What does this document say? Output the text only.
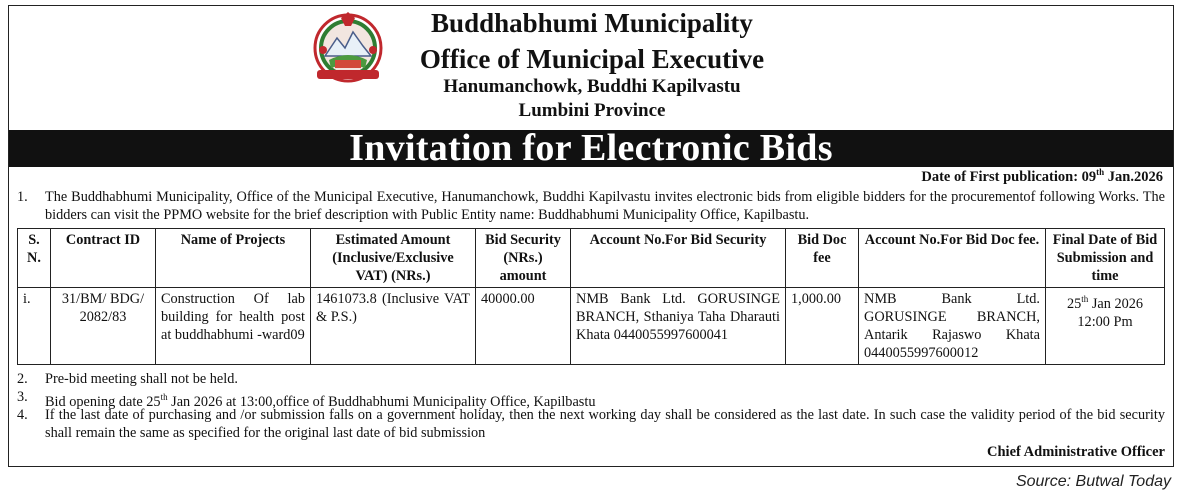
Buddhabhumi Municipality
Office of Municipal Executive
Hanumanchowk, Buddhi Kapilvastu
Lumbini Province
Invitation for Electronic Bids
Date of First publication: 09th Jan.2026
1. The Buddhabhumi Municipality, Office of the Municipal Executive, Hanumanchowk, Buddhi Kapilvastu invites electronic bids from eligible bidders for the procurementof following Works. The bidders can visit the PPMO website for the brief description with Public Entity name: Buddhabhumi Municipality Office, Kapilbastu.
S. N.	Contract ID	Name of Projects	Estimated Amount (Inclusive/Exclusive VAT) (NRs.)	Bid Security (NRs.) amount	Account No.For Bid Security	Bid Doc fee	Account No.For Bid Doc fee.	Final Date of Bid Submission and time
i.	31/BM/ BDG/ 2082/83	Construction Of lab building for health post at buddhabhumi -ward09	1461073.8 (Inclusive VAT & P.S.)	40000.00	NMB Bank Ltd. GORUSINGE BRANCH, Sthaniya Taha Dharauti Khata 0440055997600041	1,000.00	NMB Bank Ltd. GORUSINGE BRANCH, Antarik Rajaswo Khata 0440055997600012	25th Jan 2026
12:00 Pm
2. Pre-bid meeting shall not be held.
3. Bid opening date 25th Jan 2026 at 13:00,office of Buddhabhumi Municipality Office, Kapilbastu
4. If the last date of purchasing and /or submission falls on a government holiday, then the next working day shall be considered as the last date. In such case the validity period of the bid security shall remain the same as specified for the original last date of bid submission
Chief Administrative Officer
Source: Butwal Today
